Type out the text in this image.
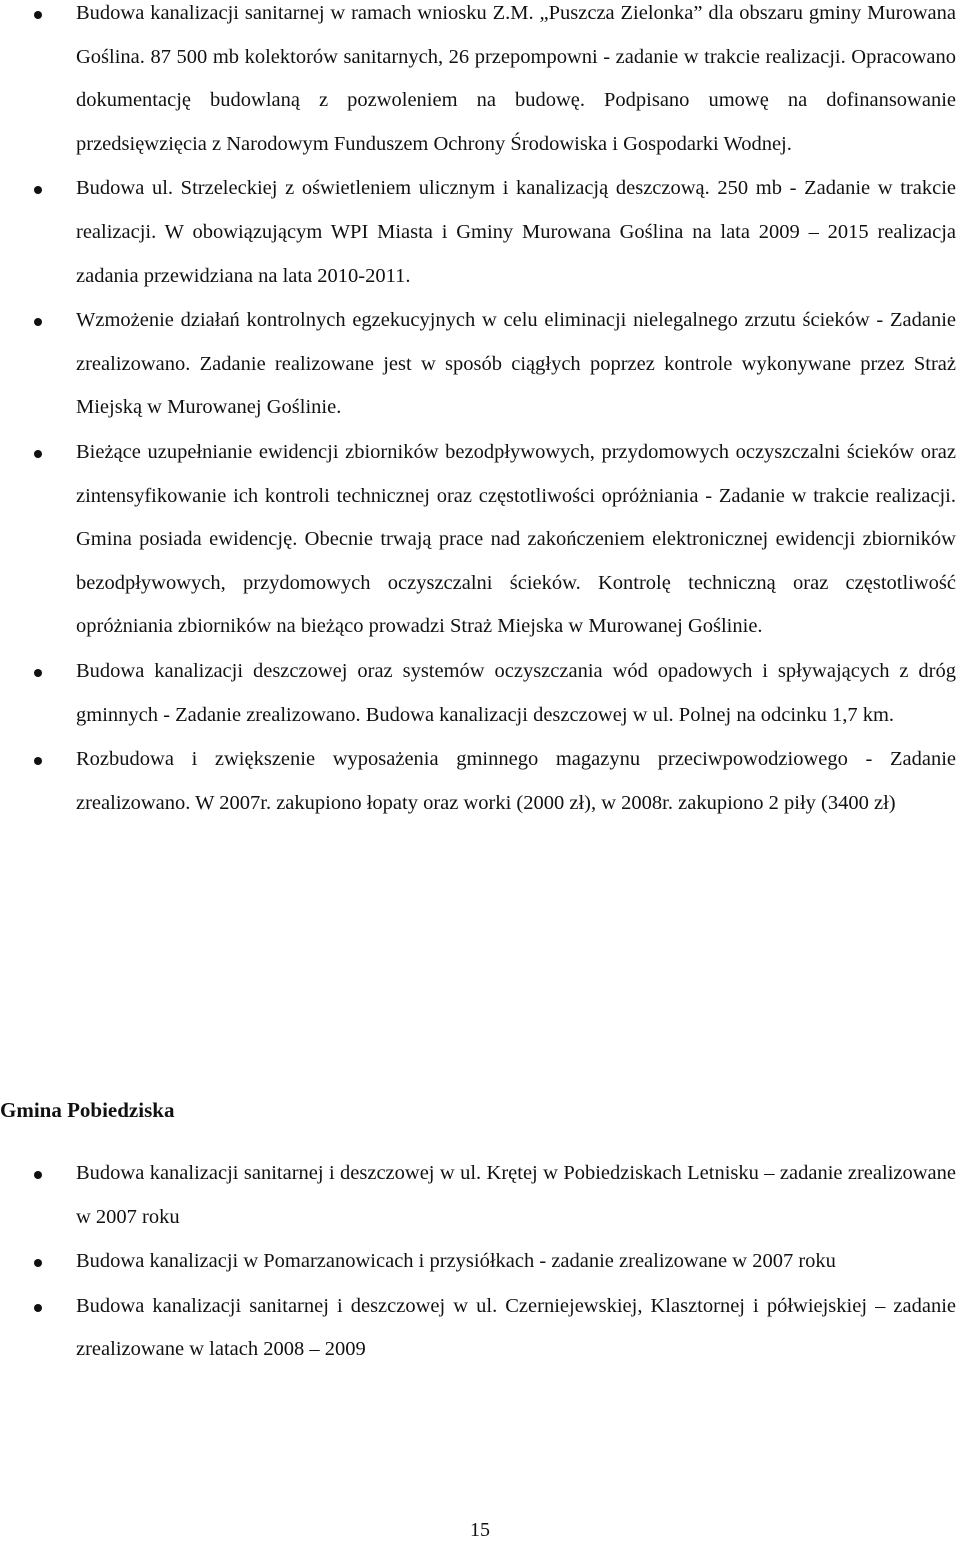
Budowa kanalizacji sanitarnej w ramach wniosku Z.M. „Puszcza Zielonka” dla obszaru gminy Murowana Goślina. 87 500 mb kolektorów sanitarnych, 26 przepompowni - zadanie w trakcie realizacji. Opracowano dokumentację budowlaną z pozwoleniem na budowę. Podpisano umowę na dofinansowanie przedsięwzięcia z Narodowym Funduszem Ochrony Środowiska i Gospodarki Wodnej.
Budowa ul. Strzeleckiej z oświetleniem ulicznym i kanalizacją deszczową. 250 mb - Zadanie w trakcie realizacji. W obowiązującym WPI Miasta i Gminy Murowana Goślina na lata 2009 – 2015 realizacja zadania przewidziana na lata 2010-2011.
Wzmożenie działań kontrolnych egzekucyjnych w celu eliminacji nielegalnego zrzutu ścieków - Zadanie zrealizowano. Zadanie realizowane jest w sposób ciągłych poprzez kontrole wykonywane przez Straż Miejską w Murowanej Goślinie.
Bieżące uzupełnianie ewidencji zbiorników bezodpływowych, przydomowych oczyszczalni ścieków oraz zintensyfikowanie ich kontroli technicznej oraz częstotliwości opróżniania - Zadanie w trakcie realizacji. Gmina posiada ewidencję. Obecnie trwają prace nad zakończeniem elektronicznej ewidencji zbiorników bezodpływowych, przydomowych oczyszczalni ścieków. Kontrolę techniczną oraz częstotliwość opróżniania zbiorników na bieżąco prowadzi Straż Miejska w Murowanej Goślinie.
Budowa kanalizacji deszczowej oraz systemów oczyszczania wód opadowych i spływających z dróg gminnych - Zadanie zrealizowano. Budowa kanalizacji deszczowej w ul. Polnej na odcinku 1,7 km.
Rozbudowa i zwiększenie wyposażenia gminnego magazynu przeciwpowodziowego - Zadanie zrealizowano. W 2007r. zakupiono łopaty oraz worki (2000 zł), w 2008r. zakupiono 2 piły (3400 zł)
Gmina Pobiedziska
Budowa kanalizacji sanitarnej i deszczowej w ul. Krętej w Pobiedziskach Letnisku – zadanie zrealizowane w 2007 roku
Budowa kanalizacji w Pomarzanowicach i przysiółkach - zadanie zrealizowane w 2007 roku
Budowa kanalizacji sanitarnej i deszczowej w ul. Czerniejewskiej, Klasztornej i półwiejskiej – zadanie zrealizowane w latach 2008 – 2009
15
